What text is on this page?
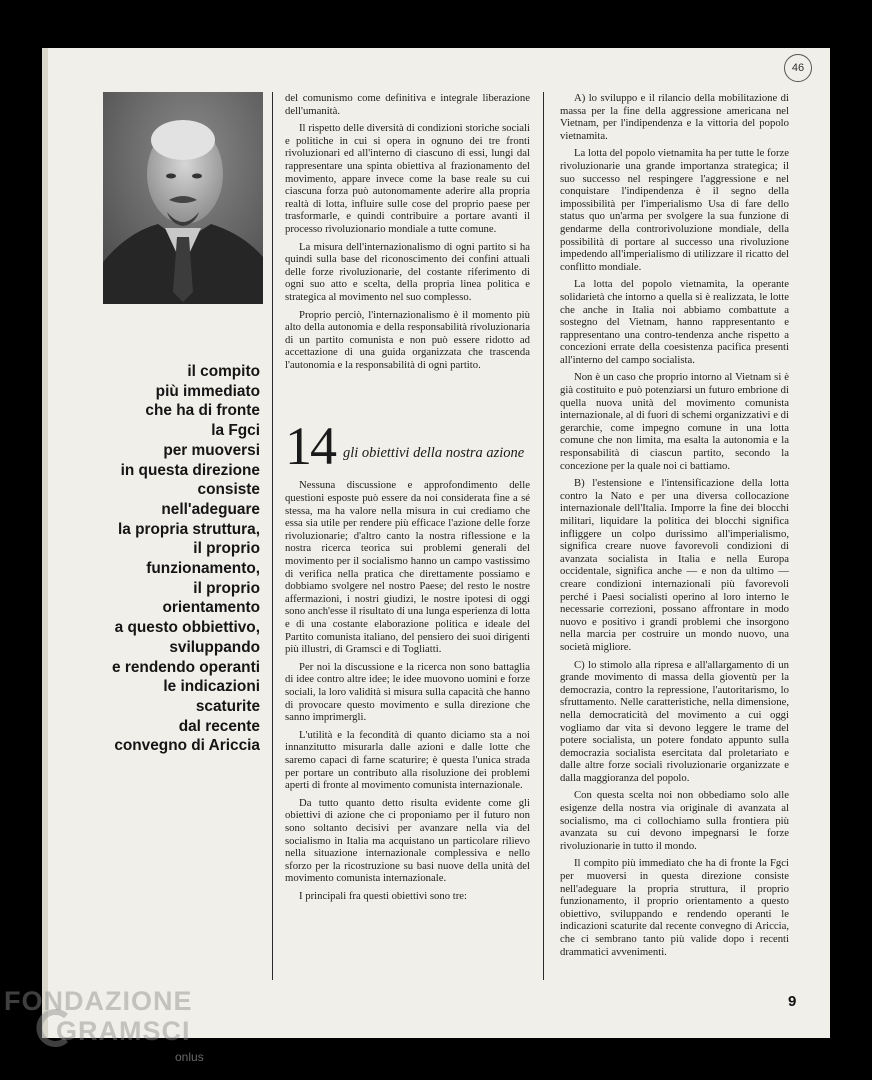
46
il compito
più immediato
che ha di fronte
la Fgci
per muoversi
in questa direzione
consiste
nell'adeguare
la propria struttura,
il proprio
funzionamento,
il proprio
orientamento
a questo obbiettivo,
sviluppando
e rendendo operanti
le indicazioni
scaturite
dal recente
convegno di Ariccia

del comunismo come definitiva e integrale liberazione dell'umanità.

Il rispetto delle diversità di condizioni storiche sociali e politiche in cui si opera in ognuno dei tre fronti rivoluzionari ed all'interno di ciascuno di essi, lungi dal rappresentare una spinta obiettiva al frazionamento del movimento, appare invece come la base reale su cui ciascuna forza può autonomamente aderire alla propria realtà di lotta, influire sulle cose del proprio paese per trasformarle, e quindi contribuire a portare avanti il processo rivoluzionario mondiale a tutte comune.

La misura dell'internazionalismo di ogni partito si ha quindi sulla base del riconoscimento dei confini attuali delle forze rivoluzionarie, del costante riferimento di ogni suo atto e scelta, della propria linea politica e strategica al movimento nel suo complesso.

Proprio perciò, l'internazionalismo è il momento più alto della autonomia e della responsabilità rivoluzionaria di un partito comunista e non può essere ridotto ad accettazione di una guida organizzata che trascenda l'autonomia e la responsabilità di ogni partito.

14 gli obiettivi della nostra azione

Nessuna discussione e approfondimento delle questioni esposte può essere da noi considerata fine a sé stessa, ma ha valore nella misura in cui crediamo che essa sia utile per rendere più efficace l'azione delle forze rivoluzionarie; d'altro canto la nostra riflessione e la nostra ricerca teorica sui problemi generali del movimento per il socialismo hanno un campo vastissimo di verifica nella pratica che direttamente possiamo e dobbiamo svolgere nel nostro Paese; del resto le nostre affermazioni, i nostri giudizi, le nostre ipotesi di oggi sono anch'esse il risultato di una lunga esperienza di lotta e di una costante elaborazione politica e ideale del Partito comunista italiano, del pensiero dei suoi dirigenti più illustri, di Gramsci e di Togliatti.

Per noi la discussione e la ricerca non sono battaglia di idee contro altre idee; le idee muovono uomini e forze sociali, la loro validità si misura sulla capacità che hanno di provocare questo movimento e sulla direzione che sanno imprimergli.

L'utilità e la fecondità di quanto diciamo sta a noi innanzitutto misurarla dalle azioni e dalle lotte che saremo capaci di farne scaturire; è questa l'unica strada per portare un contributo alla risoluzione dei problemi aperti di fronte al movimento comunista internazionale.

Da tutto quanto detto risulta evidente come gli obiettivi di azione che ci proponiamo per il futuro non sono soltanto decisivi per avanzare nella via del socialismo in Italia ma acquistano un particolare rilievo nella situazione internazionale complessiva e nello sforzo per la ricostruzione su basi nuove della unità del movimento comunista internazionale.

I principali fra questi obiettivi sono tre:

A) lo sviluppo e il rilancio della mobilitazione di massa per la fine della aggressione americana nel Vietnam, per l'indipendenza e la vittoria del popolo vietnamita.

La lotta del popolo vietnamita ha per tutte le forze rivoluzionarie una grande importanza strategica; il suo successo nel respingere l'aggressione e nel conquistare l'indipendenza è il segno della impossibilità per l'imperialismo Usa di fare dello status quo un'arma per svolgere la sua funzione di gendarme della controrivoluzione mondiale, della possibilità di portare al successo una rivoluzione impedendo all'imperialismo di utilizzare il ricatto del conflitto mondiale.

La lotta del popolo vietnamita, la operante solidarietà che intorno a quella si è realizzata, le lotte che anche in Italia noi abbiamo combattute a sostegno del Vietnam, hanno rappresentanto e rappresentano una contro-tendenza anche rispetto a concezioni errate della coesistenza pacifica presenti all'interno del campo socialista.

Non è un caso che proprio intorno al Vietnam si è già costituito e può potenziarsi un futuro embrione di quella nuova unità del movimento comunista internazionale, al di fuori di schemi organizzativi e di gerarchie, come impegno comune in una lotta comune che non limita, ma esalta la autonomia e la responsabilità di ciascun partito, secondo la concezione per la quale noi ci battiamo.

B) l'estensione e l'intensificazione della lotta contro la Nato e per una diversa collocazione internazionale dell'Italia. Imporre la fine dei blocchi militari, liquidare la politica dei blocchi significa infliggere un colpo durissimo all'imperialismo, significa creare nuove favorevoli condizioni di avanzata socialista in Italia e nella Europa occidentale, significa anche — e non da ultimo — creare condizioni internazionali più favorevoli perché i Paesi socialisti operino al loro interno le necessarie correzioni, possano affrontare in modo nuovo e positivo i grandi problemi che insorgono nella marcia per costruire un mondo nuovo, una società migliore.

C) lo stimolo alla ripresa e all'allargamento di un grande movimento di massa della gioventù per la democrazia, contro la repressione, l'autoritarismo, lo sfruttamento. Nelle caratteristiche, nella dimensione, nella democraticità del movimento a cui oggi vogliamo dar vita si devono leggere le trame del potere socialista, un potere fondato appunto sulla democrazia socialista esercitata dal proletariato e dalle altre forze sociali rivoluzionarie organizzate e dalla maggioranza del popolo.

Con questa scelta noi non obbediamo solo alle esigenze della nostra via originale di avanzata al socialismo, ma ci collochiamo sulla frontiera più avanzata su cui devono impegnarsi le forze rivoluzionarie in tutto il mondo.

Il compito più immediato che ha di fronte la Fgci per muoversi in questa direzione consiste nell'adeguare la propria struttura, il proprio funzionamento, il proprio orientamento a questo obiettivo, sviluppando e rendendo operanti le indicazioni scaturite dal recente convegno di Ariccia, che ci sembrano tanto più valide dopo i recenti drammatici avvenimenti.

9
FONDAZIONE
GRAMSCI
onlus
